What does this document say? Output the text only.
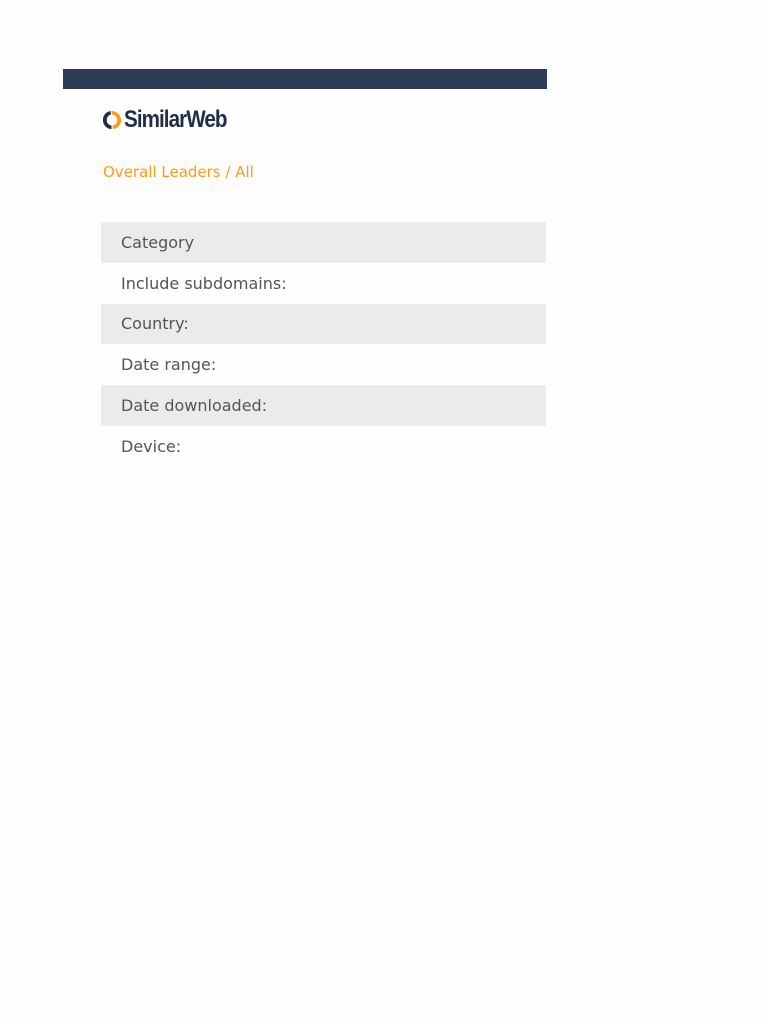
SimilarWeb
Overall Leaders / All
Category
Include subdomains:
Country:
Date range:
Date downloaded:
Device:
